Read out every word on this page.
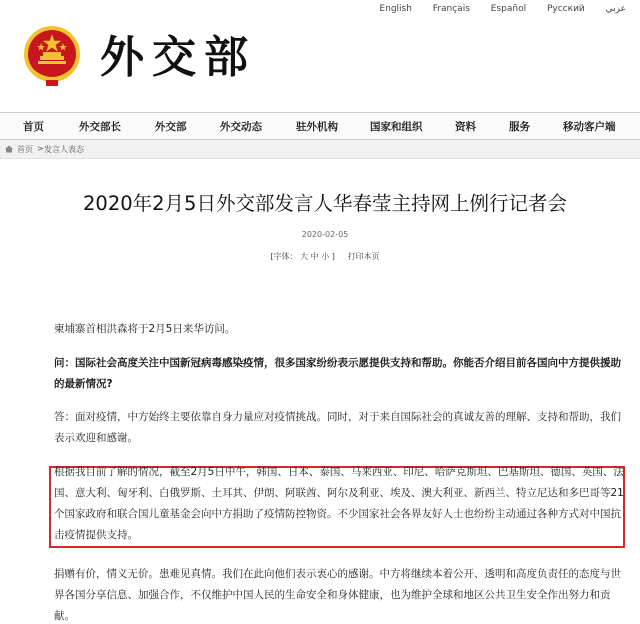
外交部
English Français Español Русский عربي
首页	外交部长	外交部	外交动态	驻外机构	国家和组织	资料	服务	移动客户端
首页 > 发言人表态
2020年2月5日外交部发言人华春莹主持网上例行记者会
2020-02-05
[字体： 大 中 小 ] 打印本页
柬埔寨首相洪森将于2月5日来华访问。
问：国际社会高度关注中国新冠病毒感染疫情，很多国家纷纷表示愿提供支持和帮助。你能否介绍目前各国向中方提供援助的最新情况?
答：面对疫情，中方始终主要依靠自身力量应对疫情挑战。同时，对于来自国际社会的真诚友善的理解、支持和帮助，我们表示欢迎和感谢。
根据我目前了解的情况，截至2月5日中午，韩国、日本、泰国、马来西亚、印尼、哈萨克斯坦、巴基斯坦、德国、英国、法国、意大利、匈牙利、白俄罗斯、土耳其、伊朗、阿联酋、阿尔及利亚、埃及、澳大利亚、新西兰、特立尼达和多巴哥等21个国家政府和联合国儿童基金会向中方捐助了疫情防控物资。不少国家社会各界友好人士也纷纷主动通过各种方式对中国抗击疫情提供支持。
捐赠有价，情义无价。患难见真情。我们在此向他们表示衷心的感谢。中方将继续本着公开、透明和高度负责任的态度与世界各国分享信息、加强合作，不仅维护中国人民的生命安全和身体健康，也为维护全球和地区公共卫生安全作出努力和贡献。
